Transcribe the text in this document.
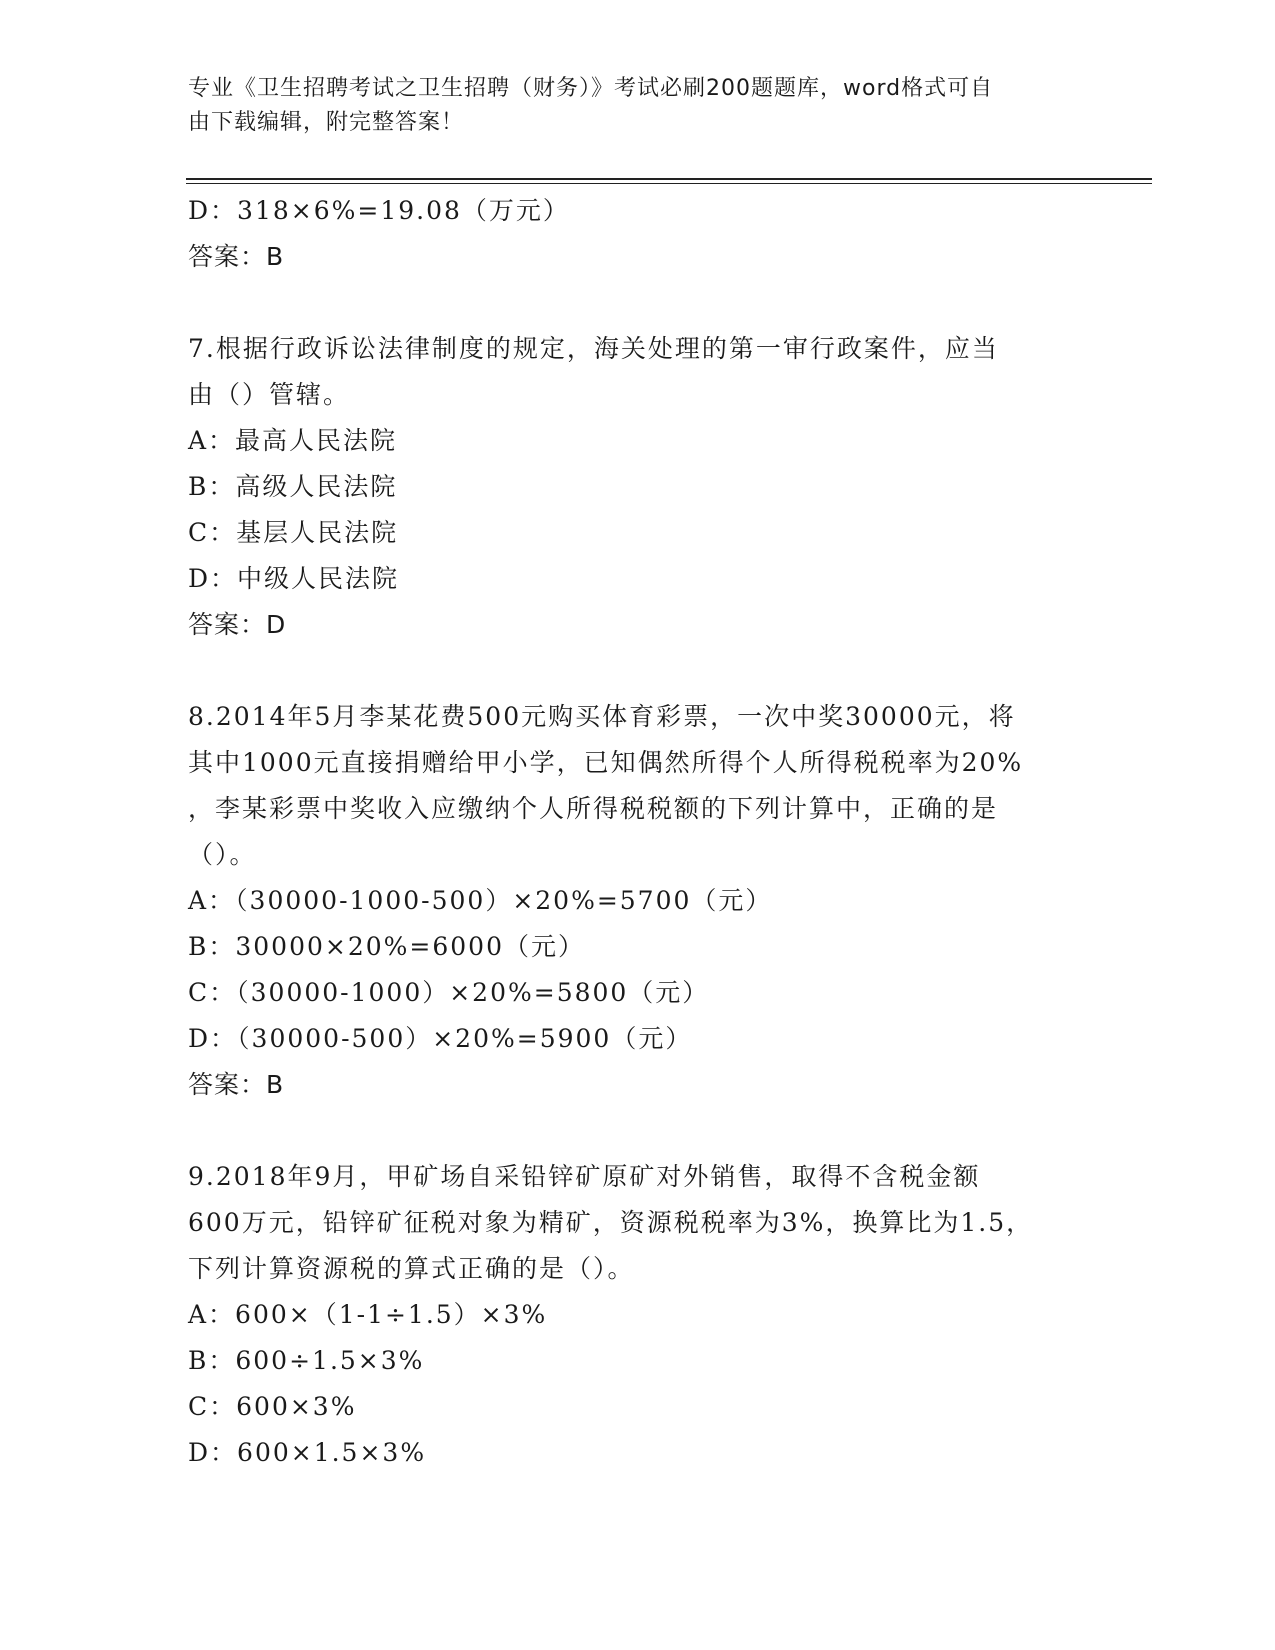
专业《卫生招聘考试之卫生招聘（财务）》考试必刷200题题库，word格式可自
由下载编辑，附完整答案！
D：318×6%=19.08（万元）
答案：B
7.根据行政诉讼法律制度的规定，海关处理的第一审行政案件，应当
由（）管辖。
A：最高人民法院
B：高级人民法院
C：基层人民法院
D：中级人民法院
答案：D
8.2014年5月李某花费500元购买体育彩票，一次中奖30000元，将
其中1000元直接捐赠给甲小学，已知偶然所得个人所得税税率为20%
，李某彩票中奖收入应缴纳个人所得税税额的下列计算中，正确的是
（）。
A：（30000-1000-500）×20%=5700（元）
B：30000×20%=6000（元）
C：（30000-1000）×20%=5800（元）
D：（30000-500）×20%=5900（元）
答案：B
9.2018年9月，甲矿场自采铅锌矿原矿对外销售，取得不含税金额
600万元，铅锌矿征税对象为精矿，资源税税率为3%，换算比为1.5，
下列计算资源税的算式正确的是（）。
A：600×（1-1÷1.5）×3%
B：600÷1.5×3%
C：600×3%
D：600×1.5×3%
